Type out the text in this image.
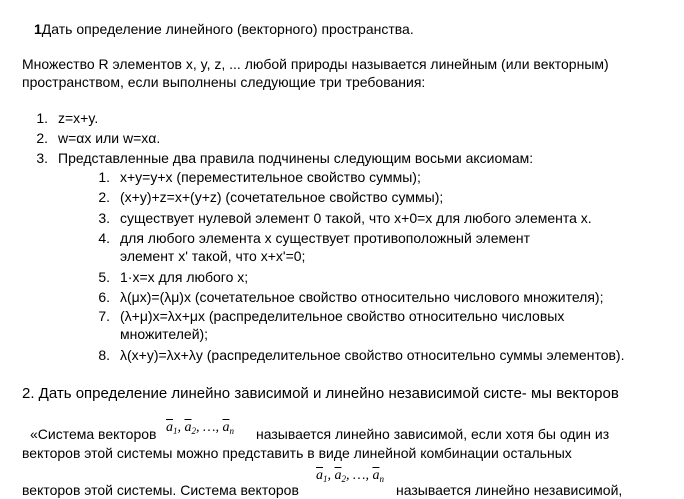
1Дать определение линейного (векторного) пространства.
Множество R элементов x, y, z, ... любой природы называется линейным (или векторным)
пространством, если выполнены следующие три требования:
1. z=x+y.
2. w=αx или w=xα.
3. Представленные два правила подчинены следующим восьми аксиомам:
1. x+y=y+x (переместительное свойство суммы);
2. (x+y)+z=x+(y+z) (сочетательное свойство суммы);
3. существует нулевой элемент 0 такой, что x+0=x для любого элемента x.
4. для любого элемента x существует противоположный элемент
элемент x' такой, что x+x'=0;
5. 1·x=x для любого x;
6. λ(μx)=(λμ)x (сочетательное свойство относительно числового множителя);
7. (λ+μ)x=λx+μx (распределительное свойство относительно числовых
множителей);
8. λ(x+y)=λx+λy (распределительное свойство относительно суммы элементов).
2. Дать определение линейно зависимой и линейно независимой систе- мы векторов
«Система векторов $\overline{a}_1$, $\overline{a}_2$, …, $\overline{a}_n$ называется линейно зависимой, если хотя бы один из
векторов этой системы можно представить в виде линейной комбинации остальных
векторов этой системы. Система векторов
$\overline{a}_1$, $\overline{a}_2$, …, $\overline{a}_n$
называется линейно независимой,
